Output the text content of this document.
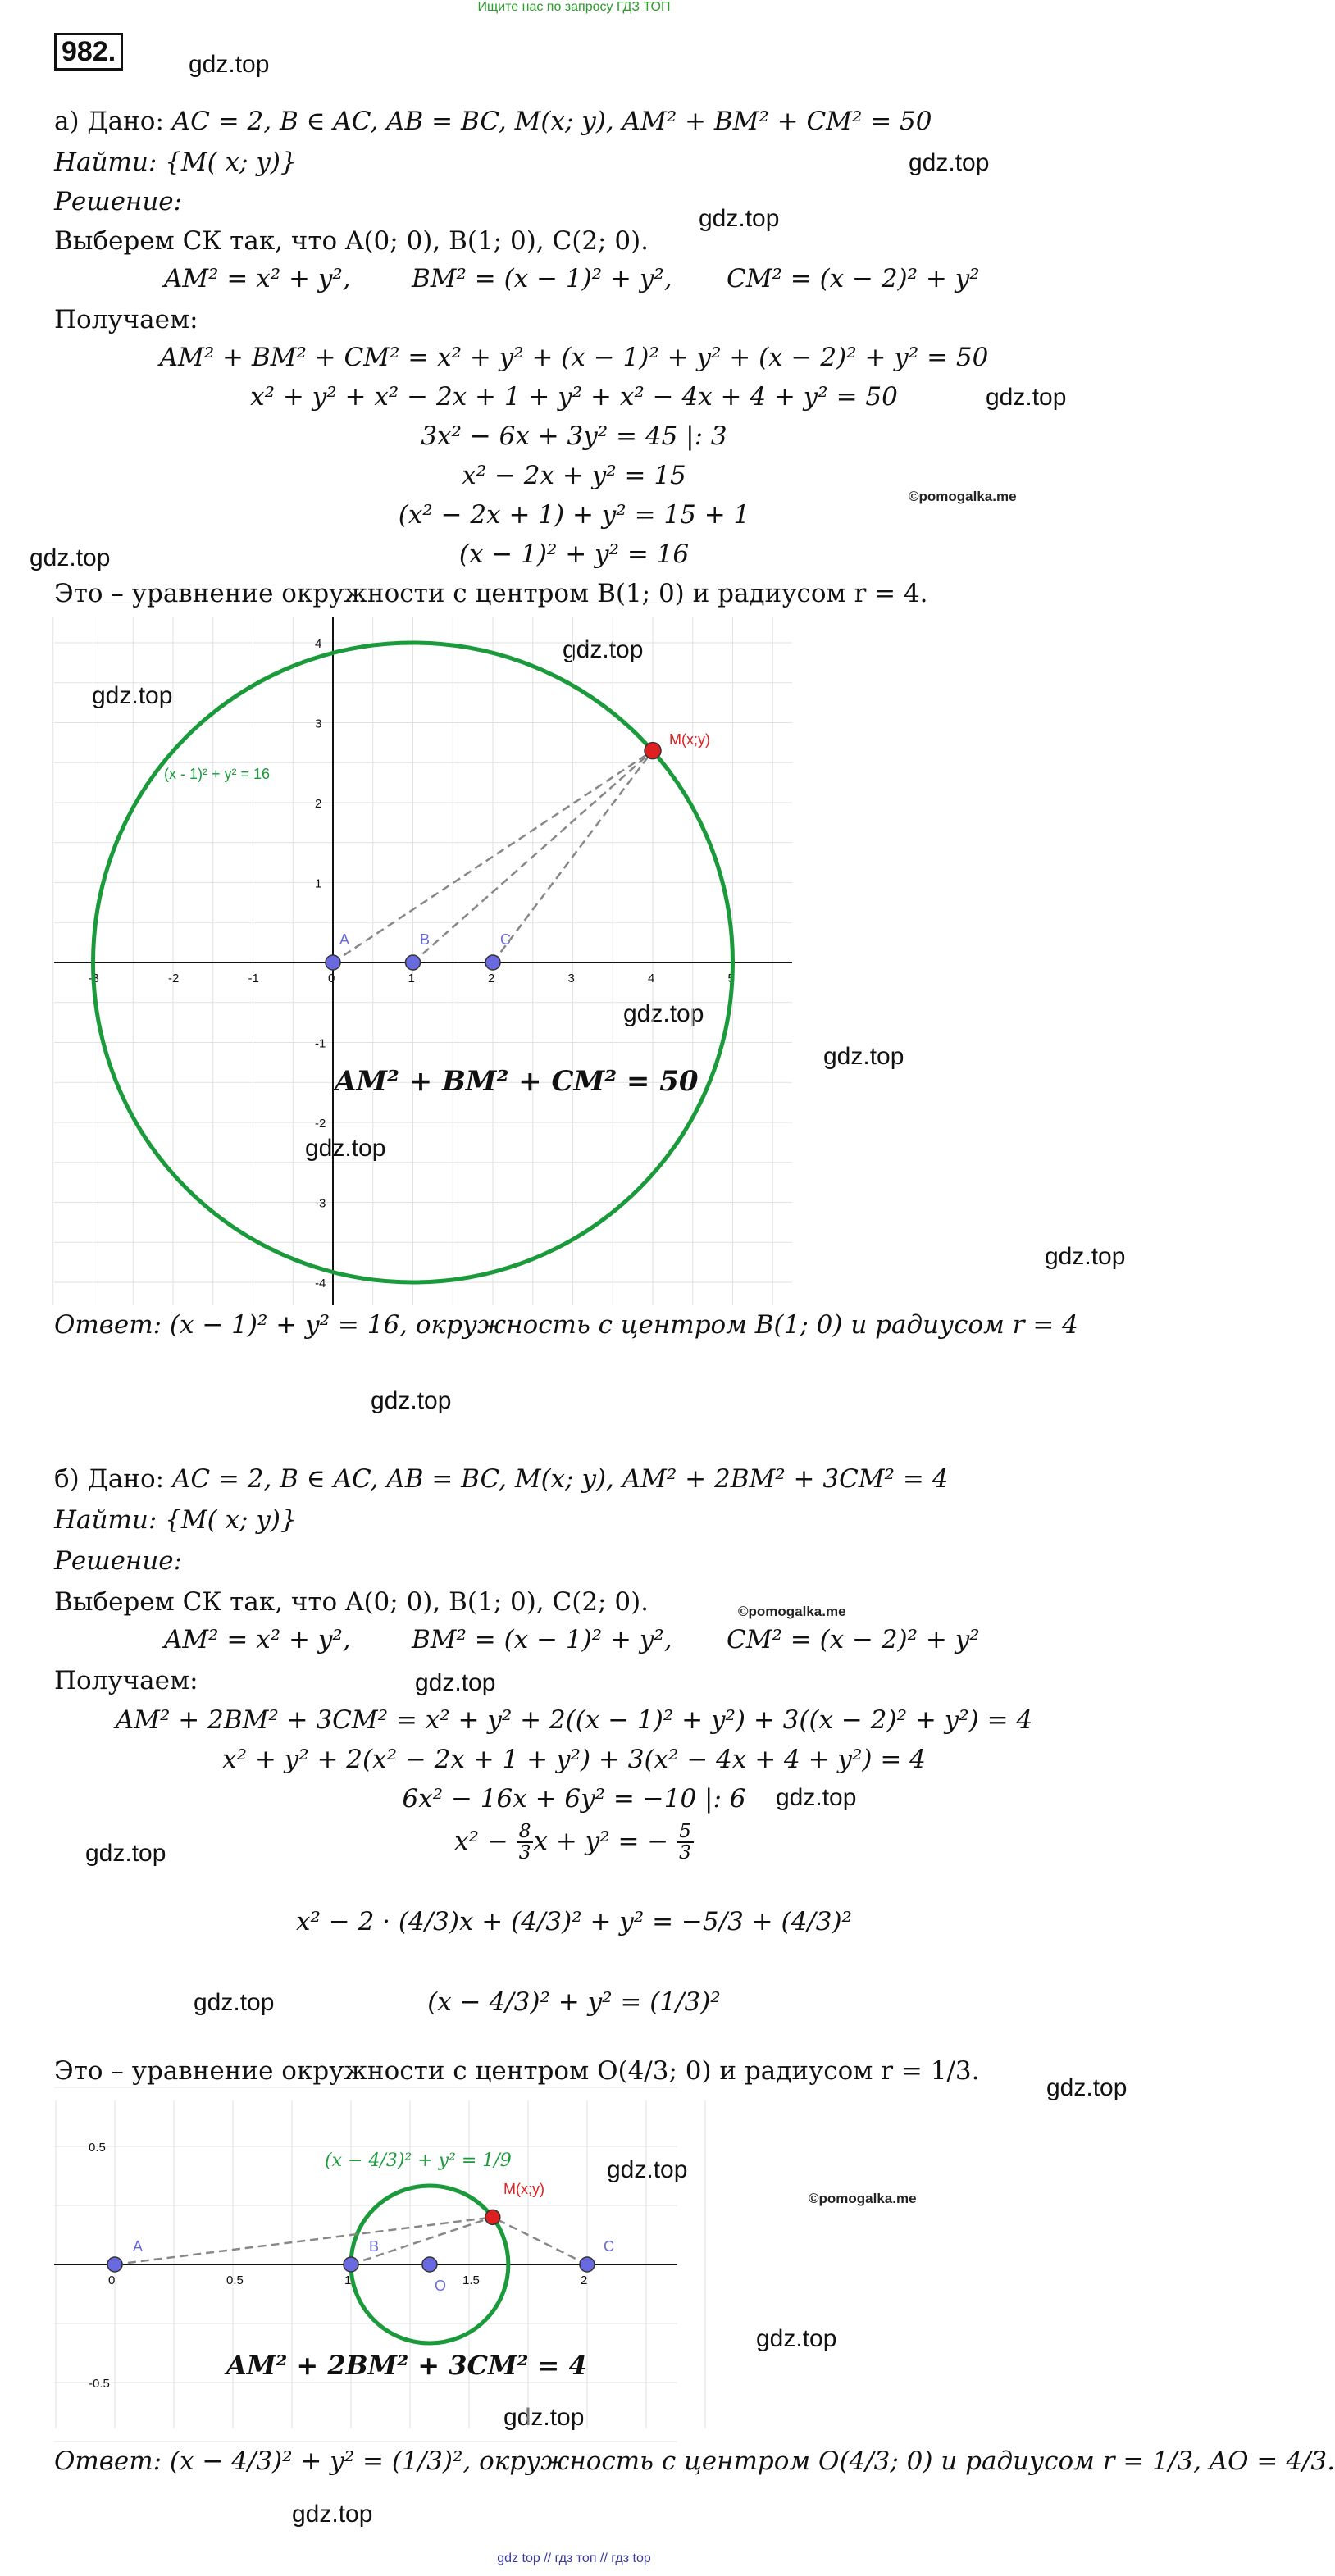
Ищите нас по запросу ГДЗ ТОП
982.	gdz.top
gdz.top
gdz.top
gdz.top
©pomogalka.me
gdz.top
gdz.top
gdz.top
gdz.top
gdz.top
gdz.top
gdz.top
gdz.top
©pomogalka.me
gdz.top
gdz.top
gdz.top
gdz.top
gdz.top
gdz.top
©pomogalka.me
gdz.top
gdz.top
gdz.top
а) Дано: AC = 2, B ∈ AC, AB = BC, M(x; y), AM² + BM² + CM² = 50
Найти: {M( x; y)}
Решение:
Выберем СК так, что A(0; 0), B(1; 0), C(2; 0).
AM² = x² + y², BM² = (x − 1)² + y², CM² = (x − 2)² + y²
Получаем:
AM² + BM² + CM² = x² + y² + (x − 1)² + y² + (x − 2)² + y² = 50
x² + y² + x² − 2x + 1 + y² + x² − 4x + 4 + y² = 50
3x² − 6x + 3y² = 45 |: 3
x² − 2x + y² = 15
(x² − 2x + 1) + y² = 15 + 1
(x − 1)² + y² = 16
Это – уравнение окружности с центром B(1; 0) и радиусом r = 4.
-3	-2	-1	0	1	2	3	4	5
4
3
2
1
-1
-2
-3
-4
A	B	C
M(x;y)
(x - 1)² + y² = 16
AM² + BM² + CM² = 50
Ответ: (x − 1)² + y² = 16, окружность с центром B(1; 0) и радиусом r = 4
б) Дано: AC = 2, B ∈ AC, AB = BC, M(x; y), AM² + 2BM² + 3CM² = 4
Найти: {M( x; y)}
Решение:
Выберем СК так, что A(0; 0), B(1; 0), C(2; 0).
AM² = x² + y², BM² = (x − 1)² + y², CM² = (x − 2)² + y²
Получаем:
AM² + 2BM² + 3CM² = x² + y² + 2((x − 1)² + y²) + 3((x − 2)² + y²) = 4
x² + y² + 2(x² − 2x + 1 + y²) + 3(x² − 4x + 4 + y²) = 4
6x² − 16x + 6y² = −10 |: 6
$x^2 - \frac{8}{3}$ x + y² = − $\frac{5}{3}$
x² − 2 · (4/3)x + (4/3)² + y² = −5/3 + (4/3)²
(x − 4/3)² + y² = (1/3)²
Это – уравнение окружности с центром O(4/3; 0) и радиусом r = 1/3.
0	0.5	1	1.5	2
0.5
-0.5
A	B	C
O
M(x;y)
(x − 4/3)² + y² = 1/9
AM² + 2BM² + 3CM² = 4
Ответ: (x − 4/3)² + y² = (1/3)², окружность с центром O(4/3; 0) и радиусом r = 1/3, AO = 4/3.
gdz top // гдз топ // гдз top
